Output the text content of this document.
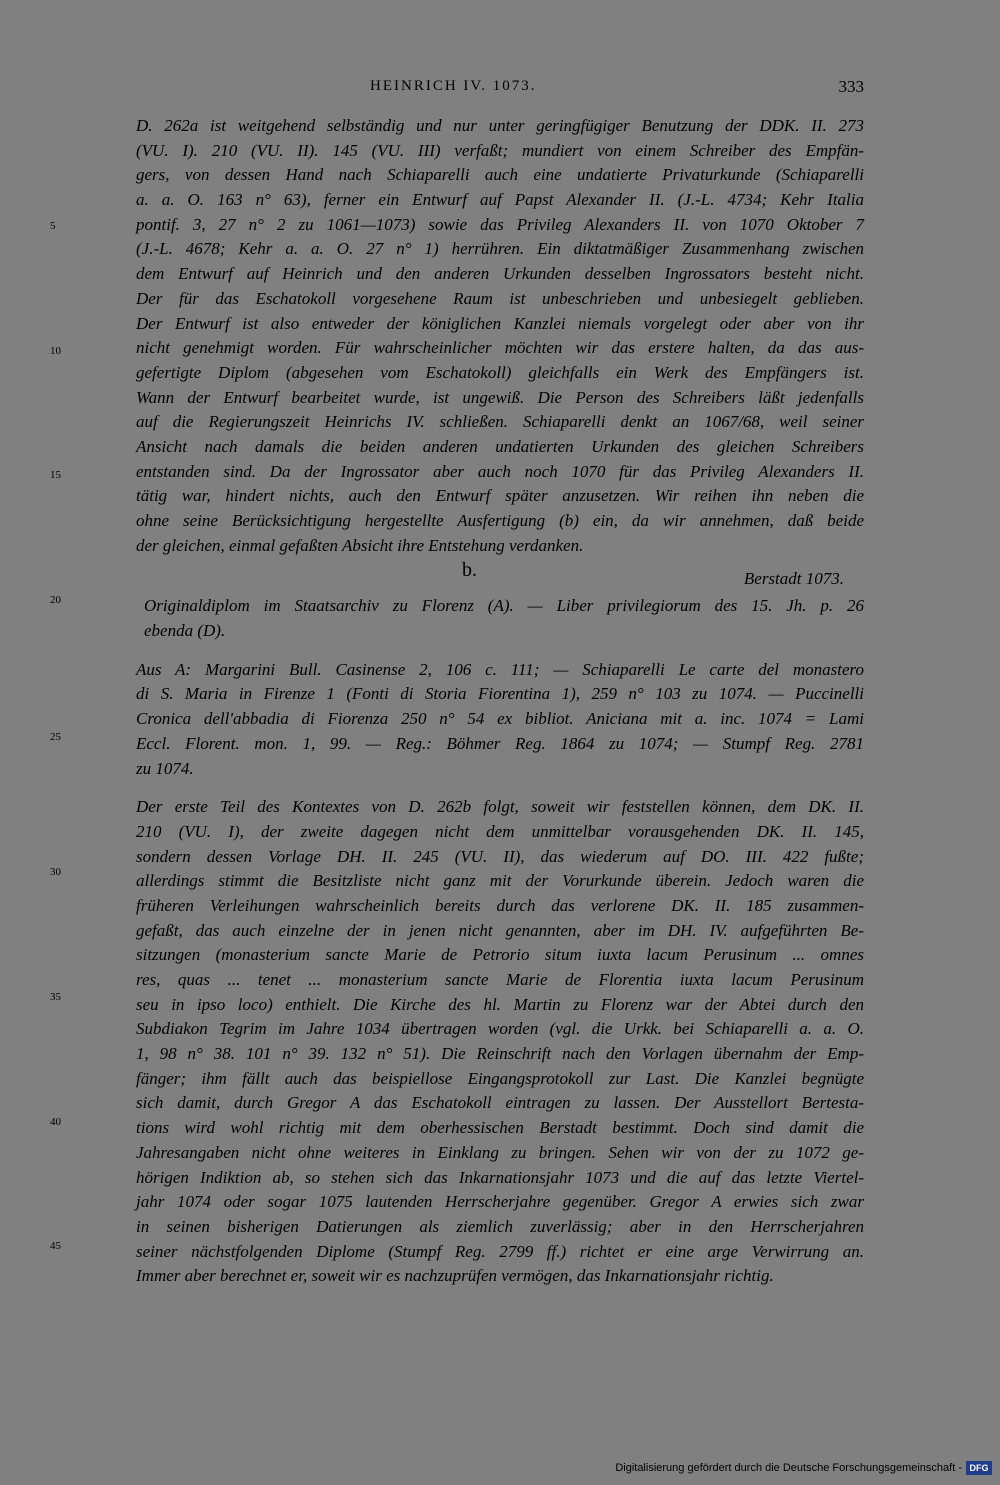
HEINRICH IV. 1073.	333
5
10
15
20
25
30
35
40
45
D. 262a ist weitgehend selbständig und nur unter geringfügiger Benutzung der DDK. II. 273
(VU. I). 210 (VU. II). 145 (VU. III) verfaßt; mundiert von einem Schreiber des Empfän-
gers, von dessen Hand nach Schiaparelli auch eine undatierte Privaturkunde (Schiaparelli
a. a. O. 163 n° 63), ferner ein Entwurf auf Papst Alexander II. (J.-L. 4734; Kehr Italia
pontif. 3, 27 n° 2 zu 1061—1073) sowie das Privileg Alexanders II. von 1070 Oktober 7
(J.-L. 4678; Kehr a. a. O. 27 n° 1) herrühren. Ein diktatmäßiger Zusammenhang zwischen
dem Entwurf auf Heinrich und den anderen Urkunden desselben Ingrossators besteht nicht.
Der für das Eschatokoll vorgesehene Raum ist unbeschrieben und unbesiegelt geblieben.
Der Entwurf ist also entweder der königlichen Kanzlei niemals vorgelegt oder aber von ihr
nicht genehmigt worden. Für wahrscheinlicher möchten wir das erstere halten, da das aus-
gefertigte Diplom (abgesehen vom Eschatokoll) gleichfalls ein Werk des Empfängers ist.
Wann der Entwurf bearbeitet wurde, ist ungewiß. Die Person des Schreibers läßt jedenfalls
auf die Regierungszeit Heinrichs IV. schließen. Schiaparelli denkt an 1067/68, weil seiner
Ansicht nach damals die beiden anderen undatierten Urkunden des gleichen Schreibers
entstanden sind. Da der Ingrossator aber auch noch 1070 für das Privileg Alexanders II.
tätig war, hindert nichts, auch den Entwurf später anzusetzen. Wir reihen ihn neben die
ohne seine Berücksichtigung hergestellte Ausfertigung (b) ein, da wir annehmen, daß beide
der gleichen, einmal gefaßten Absicht ihre Entstehung verdanken.
b.	Berstadt 1073.
Originaldiplom im Staatsarchiv zu Florenz (A). — Liber privilegiorum des 15. Jh. p. 26
ebenda (D).
Aus A: Margarini Bull. Casinense 2, 106 c. 111; — Schiaparelli Le carte del monastero
di S. Maria in Firenze 1 (Fonti di Storia Fiorentina 1), 259 n° 103 zu 1074. — Puccinelli
Cronica dell'abbadia di Fiorenza 250 n° 54 ex bibliot. Aniciana mit a. inc. 1074 = Lami
Eccl. Florent. mon. 1, 99. — Reg.: Böhmer Reg. 1864 zu 1074; — Stumpf Reg. 2781
zu 1074.
Der erste Teil des Kontextes von D. 262b folgt, soweit wir feststellen können, dem DK. II.
210 (VU. I), der zweite dagegen nicht dem unmittelbar vorausgehenden DK. II. 145,
sondern dessen Vorlage DH. II. 245 (VU. II), das wiederum auf DO. III. 422 fußte;
allerdings stimmt die Besitzliste nicht ganz mit der Vorurkunde überein. Jedoch waren die
früheren Verleihungen wahrscheinlich bereits durch das verlorene DK. II. 185 zusammen-
gefaßt, das auch einzelne der in jenen nicht genannten, aber im DH. IV. aufgeführten Be-
sitzungen (monasterium sancte Marie de Petrorio situm iuxta lacum Perusinum ... omnes
res, quas ... tenet ... monasterium sancte Marie de Florentia iuxta lacum Perusinum
seu in ipso loco) enthielt. Die Kirche des hl. Martin zu Florenz war der Abtei durch den
Subdiakon Tegrim im Jahre 1034 übertragen worden (vgl. die Urkk. bei Schiaparelli a. a. O.
1, 98 n° 38. 101 n° 39. 132 n° 51). Die Reinschrift nach den Vorlagen übernahm der Emp-
fänger; ihm fällt auch das beispiellose Eingangsprotokoll zur Last. Die Kanzlei begnügte
sich damit, durch Gregor A das Eschatokoll eintragen zu lassen. Der Ausstellort Bertesta-
tions wird wohl richtig mit dem oberhessischen Berstadt bestimmt. Doch sind damit die
Jahresangaben nicht ohne weiteres in Einklang zu bringen. Sehen wir von der zu 1072 ge-
hörigen Indiktion ab, so stehen sich das Inkarnationsjahr 1073 und die auf das letzte Viertel-
jahr 1074 oder sogar 1075 lautenden Herrscherjahre gegenüber. Gregor A erwies sich zwar
in seinen bisherigen Datierungen als ziemlich zuverlässig; aber in den Herrscherjahren
seiner nächstfolgenden Diplome (Stumpf Reg. 2799 ff.) richtet er eine arge Verwirrung an.
Immer aber berechnet er, soweit wir es nachzuprüfen vermögen, das Inkarnationsjahr richtig.
Digitalisierung gefördert durch die Deutsche Forschungsgemeinschaft - DFG
